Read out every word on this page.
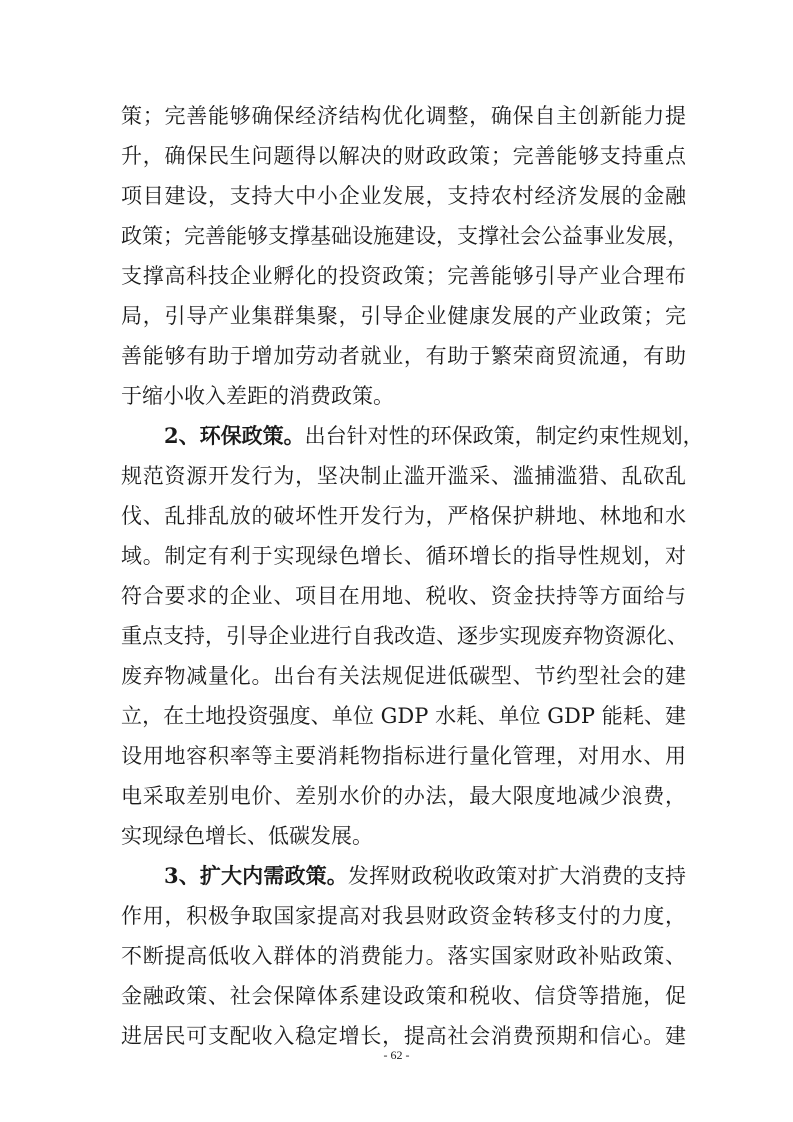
策；完善能够确保经济结构优化调整，确保自主创新能力提
升，确保民生问题得以解决的财政政策；完善能够支持重点
项目建设，支持大中小企业发展，支持农村经济发展的金融
政策；完善能够支撑基础设施建设，支撑社会公益事业发展，
支撑高科技企业孵化的投资政策；完善能够引导产业合理布
局，引导产业集群集聚，引导企业健康发展的产业政策；完
善能够有助于增加劳动者就业，有助于繁荣商贸流通，有助
于缩小收入差距的消费政策。
2、环保政策。出台针对性的环保政策，制定约束性规划，
规范资源开发行为，坚决制止滥开滥采、滥捕滥猎、乱砍乱
伐、乱排乱放的破坏性开发行为，严格保护耕地、林地和水
域。制定有利于实现绿色增长、循环增长的指导性规划，对
符合要求的企业、项目在用地、税收、资金扶持等方面给与
重点支持，引导企业进行自我改造、逐步实现废弃物资源化、
废弃物减量化。出台有关法规促进低碳型、节约型社会的建
立，在土地投资强度、单位 GDP 水耗、单位 GDP 能耗、建
设用地容积率等主要消耗物指标进行量化管理，对用水、用
电采取差别电价、差别水价的办法，最大限度地减少浪费，
实现绿色增长、低碳发展。
3、扩大内需政策。发挥财政税收政策对扩大消费的支持
作用，积极争取国家提高对我县财政资金转移支付的力度，
不断提高低收入群体的消费能力。落实国家财政补贴政策、
金融政策、社会保障体系建设政策和税收、信贷等措施，促
进居民可支配收入稳定增长，提高社会消费预期和信心。建
- 62 -
